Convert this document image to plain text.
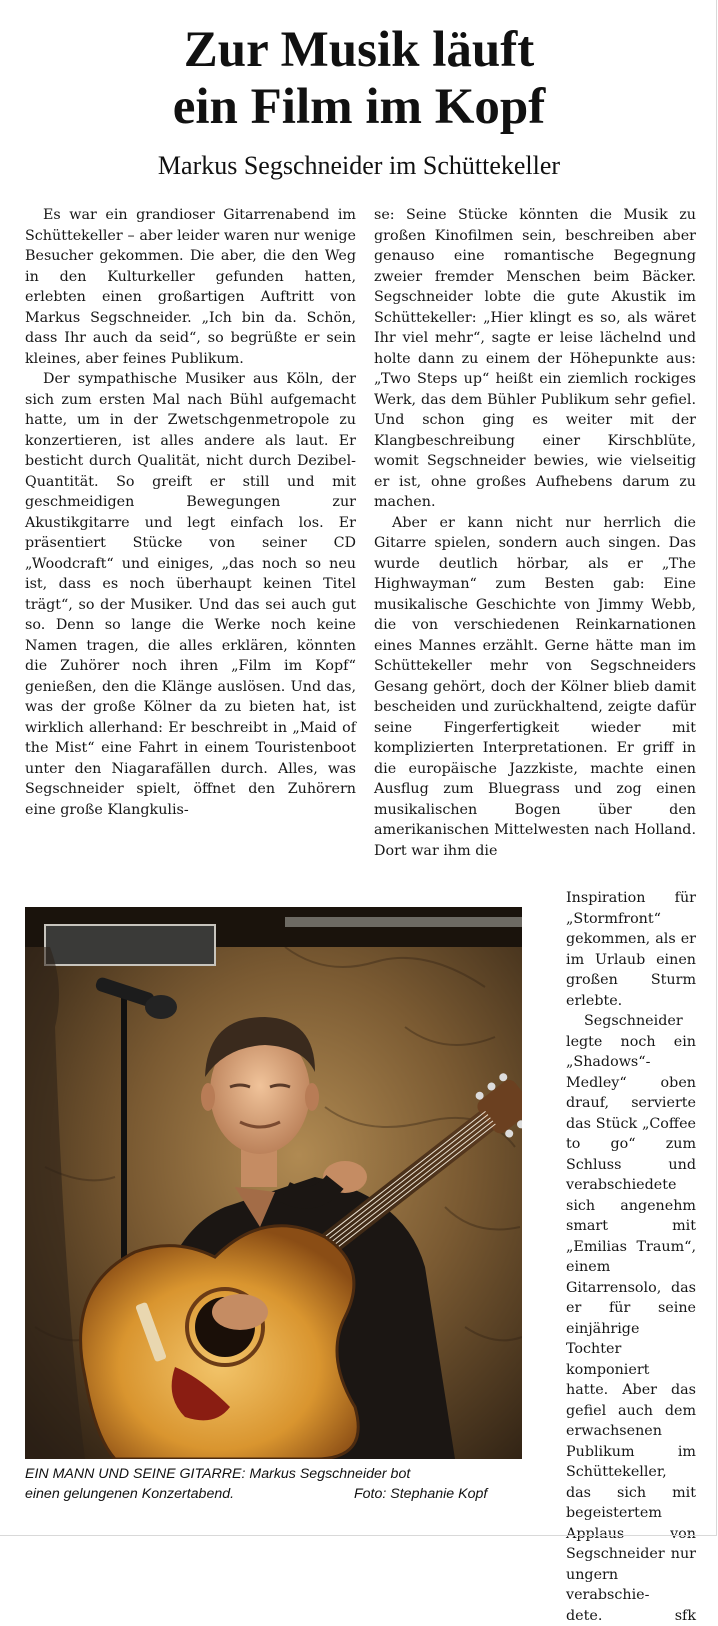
Zur Musik läuft
ein Film im Kopf
Markus Segschneider im Schüttekeller

Es war ein grandioser Gitarrenabend im Schüttekeller – aber leider waren nur wenige Besucher gekommen. Die aber, die den Weg in den Kulturkeller gefunden hatten, erlebten einen großartigen Auftritt von Markus Segschneider. „Ich bin da. Schön, dass Ihr auch da seid“, so begrüßte er sein kleines, aber feines Publikum.

Der sympathische Musiker aus Köln, der sich zum ersten Mal nach Bühl aufgemacht hatte, um in der Zwetschgenmetropole zu konzertieren, ist alles andere als laut. Er besticht durch Qualität, nicht durch Dezibel-Quantität. So greift er still und mit geschmeidigen Bewegungen zur Akustikgitarre und legt einfach los. Er präsentiert Stücke von seiner CD „Woodcraft“ und einiges, „das noch so neu ist, dass es noch überhaupt keinen Titel trägt“, so der Musiker. Und das sei auch gut so. Denn so lange die Werke noch keine Namen tragen, die alles erklären, könnten die Zuhörer noch ihren „Film im Kopf“ genießen, den die Klänge auslösen. Und das, was der große Kölner da zu bieten hat, ist wirklich allerhand: Er beschreibt in „Maid of the Mist“ eine Fahrt in einem Touristenboot unter den Niagarafällen durch. Alles, was Segschneider spielt, öffnet den Zuhörern eine große Klangkulis-

se: Seine Stücke könnten die Musik zu großen Kinofilmen sein, beschreiben aber genauso eine romantische Begegnung zweier fremder Menschen beim Bäcker. Segschneider lobte die gute Akustik im Schüttekeller: „Hier klingt es so, als wäret Ihr viel mehr“, sagte er leise lächelnd und holte dann zu einem der Höhepunkte aus: „Two Steps up“ heißt ein ziemlich rockiges Werk, das dem Bühler Publikum sehr gefiel. Und schon ging es weiter mit der Klangbeschreibung einer Kirschblüte, womit Segschneider bewies, wie vielseitig er ist, ohne großes Aufhebens darum zu machen.

Aber er kann nicht nur herrlich die Gitarre spielen, sondern auch singen. Das wurde deutlich hörbar, als er „The Highwayman“ zum Besten gab: Eine musikalische Geschichte von Jimmy Webb, die von verschiedenen Reinkarnationen eines Mannes erzählt. Gerne hätte man im Schüttekeller mehr von Segschneiders Gesang gehört, doch der Kölner blieb damit bescheiden und zurückhaltend, zeigte dafür seine Fingerfertigkeit wieder mit komplizierten Interpretationen. Er griff in die europäische Jazzkiste, machte einen Ausflug zum Bluegrass und zog einen musikalischen Bogen über den amerikanischen Mittelwesten nach Holland. Dort war ihm die

Inspiration für „Stormfront“ gekommen, als er im Urlaub einen großen Sturm erlebte.

Segschneider legte noch ein „Shadows“-Medley“ oben drauf, servierte das Stück „Coffee to go“ zum Schluss und verabschiedete sich angenehm smart mit „Emilias Traum“, einem Gitarrensolo, das er für seine einjährige Tochter komponiert hatte. Aber das gefiel auch dem erwachsenen Publikum im Schüttekeller, das sich mit begeistertem Applaus von Segschneider nur ungern verabschie-

dete.	sfk
EIN MANN UND SEINE GITARRE: Markus Segschneider bot
einen gelungenen Konzertabend.	Foto: Stephanie Kopf
